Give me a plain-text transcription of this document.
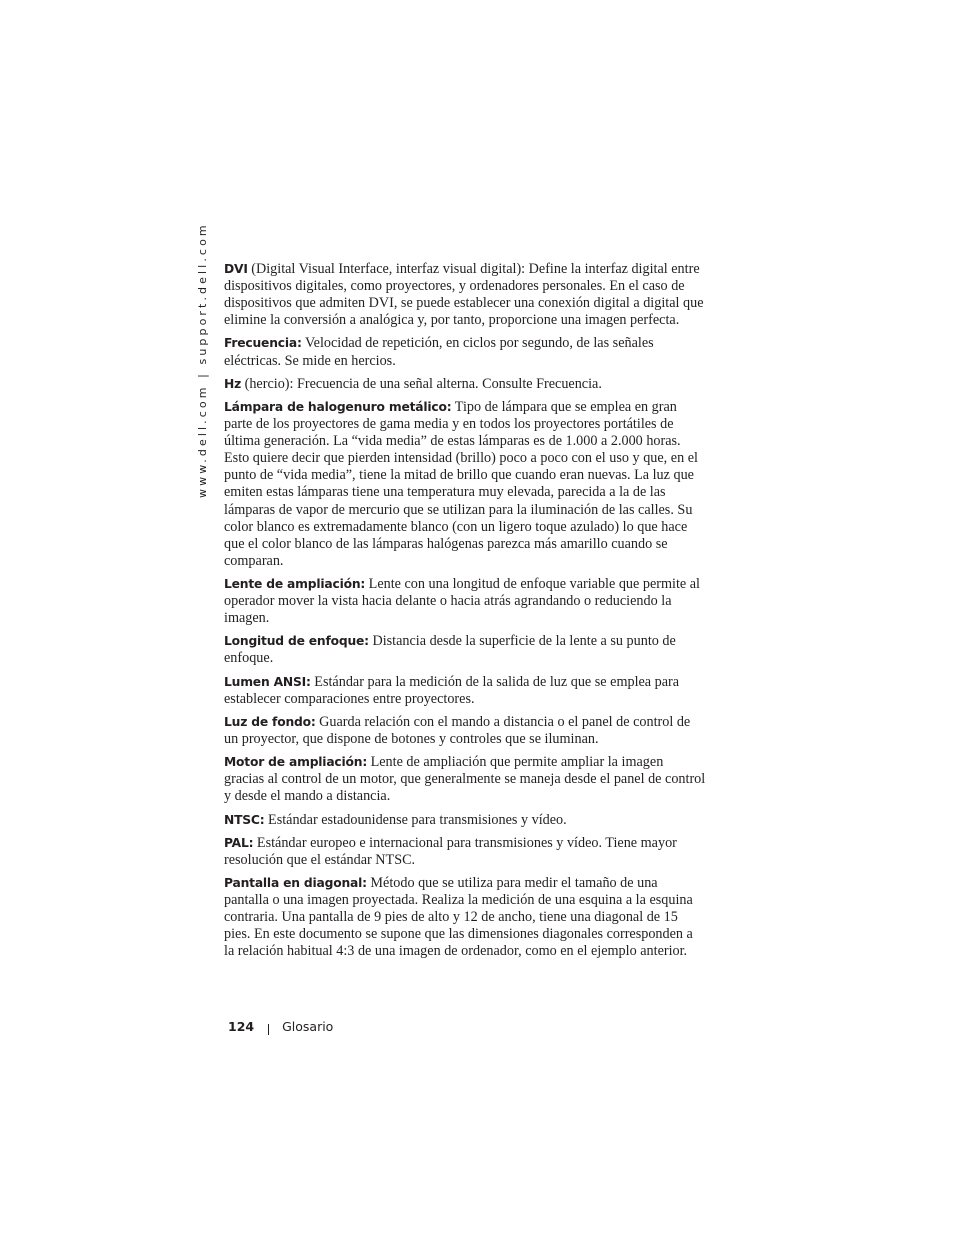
www.dell.com | support.dell.com	DVI (Digital Visual Interface, interfaz visual digital): Define la interfaz digital entre dispositivos digitales, como proyectores, y ordenadores personales. En el caso de dispositivos que admiten DVI, se puede establecer una conexión digital a digital que elimine la conversión a analógica y, por tanto, proporcione una imagen perfecta.

Frecuencia: Velocidad de repetición, en ciclos por segundo, de las señales eléctricas. Se mide en hercios.

Hz (hercio): Frecuencia de una señal alterna. Consulte Frecuencia.

Lámpara de halogenuro metálico: Tipo de lámpara que se emplea en gran parte de los proyectores de gama media y en todos los proyectores portátiles de última generación. La “vida media” de estas lámparas es de 1.000 a 2.000 horas. Esto quiere decir que pierden intensidad (brillo) poco a poco con el uso y que, en el punto de “vida media”, tiene la mitad de brillo que cuando eran nuevas. La luz que emiten estas lámparas tiene una temperatura muy elevada, parecida a la de las lámparas de vapor de mercurio que se utilizan para la iluminación de las calles. Su color blanco es extremadamente blanco (con un ligero toque azulado) lo que hace que el color blanco de las lámparas halógenas parezca más amarillo cuando se comparan.

Lente de ampliación: Lente con una longitud de enfoque variable que permite al operador mover la vista hacia delante o hacia atrás agrandando o reduciendo la imagen.

Longitud de enfoque: Distancia desde la superficie de la lente a su punto de enfoque.

Lumen ANSI: Estándar para la medición de la salida de luz que se emplea para establecer comparaciones entre proyectores.

Luz de fondo: Guarda relación con el mando a distancia o el panel de control de un proyector, que dispone de botones y controles que se iluminan.

Motor de ampliación: Lente de ampliación que permite ampliar la imagen gracias al control de un motor, que generalmente se maneja desde el panel de control y desde el mando a distancia.

NTSC: Estándar estadounidense para transmisiones y vídeo.

PAL: Estándar europeo e internacional para transmisiones y vídeo. Tiene mayor resolución que el estándar NTSC.

Pantalla en diagonal: Método que se utiliza para medir el tamaño de una pantalla o una imagen proyectada. Realiza la medición de una esquina a la esquina contraria. Una pantalla de 9 pies de alto y 12 de ancho, tiene una diagonal de 15 pies. En este documento se supone que las dimensiones diagonales corresponden a la relación habitual 4:3 de una imagen de ordenador, como en el ejemplo anterior.

124 Glosario
